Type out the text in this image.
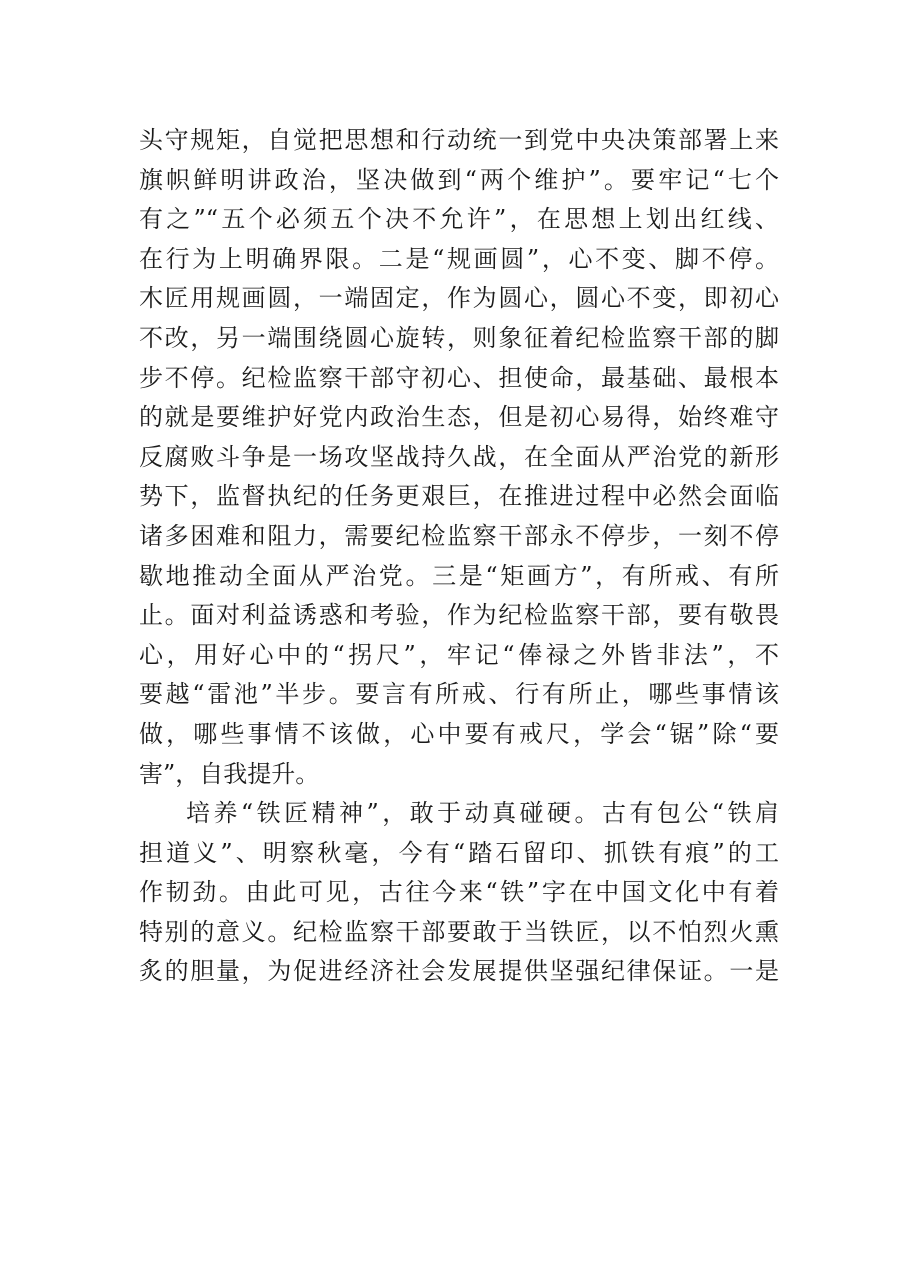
头守规矩，自觉把思想和行动统一到党中央决策部署上来
旗帜鲜明讲政治，坚决做到“两个维护”。要牢记“七个
有之”“五个必须五个决不允许”，在思想上划出红线、
在行为上明确界限。二是“规画圆”，心不变、脚不停。
木匠用规画圆，一端固定，作为圆心，圆心不变，即初心
不改，另一端围绕圆心旋转，则象征着纪检监察干部的脚
步不停。纪检监察干部守初心、担使命，最基础、最根本
的就是要维护好党内政治生态，但是初心易得，始终难守
反腐败斗争是一场攻坚战持久战，在全面从严治党的新形
势下，监督执纪的任务更艰巨，在推进过程中必然会面临
诸多困难和阻力，需要纪检监察干部永不停步，一刻不停
歇地推动全面从严治党。三是“矩画方”，有所戒、有所
止。面对利益诱惑和考验，作为纪检监察干部，要有敬畏
心，用好心中的“拐尺”，牢记“俸禄之外皆非法”，不
要越“雷池”半步。要言有所戒、行有所止，哪些事情该
做，哪些事情不该做，心中要有戒尺，学会“锯”除“要
害”，自我提升。
培养“铁匠精神”，敢于动真碰硬。古有包公“铁肩
担道义”、明察秋毫，今有“踏石留印、抓铁有痕”的工
作韧劲。由此可见，古往今来“铁”字在中国文化中有着
特别的意义。纪检监察干部要敢于当铁匠，以不怕烈火熏
炙的胆量，为促进经济社会发展提供坚强纪律保证。一是
